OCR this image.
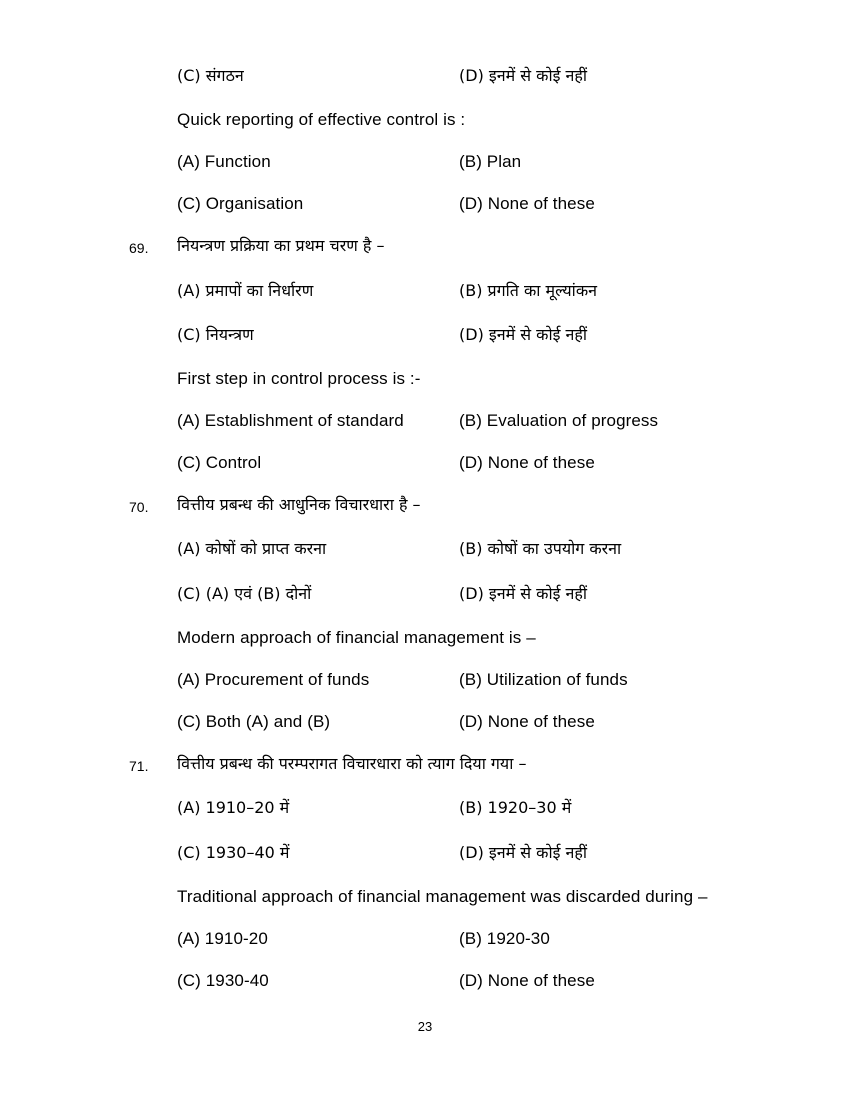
(C) संगठन	(D) इनमें से कोई नहीं
Quick reporting of effective control is :
(A) Function	(B) Plan
(C) Organisation	(D) None of these
69. नियन्त्रण प्रक्रिया का प्रथम चरण है –
(A) प्रमापों का निर्धारण	(B) प्रगति का मूल्यांकन
(C) नियन्त्रण	(D) इनमें से कोई नहीं
First step in control process is :-
(A) Establishment of standard	(B) Evaluation of progress
(C) Control	(D) None of these
70. वित्तीय प्रबन्ध की आधुनिक विचारधारा है –
(A) कोषों को प्राप्त करना	(B) कोषों का उपयोग करना
(C) (A) एवं (B) दोनों	(D) इनमें से कोई नहीं
Modern approach of financial management is –
(A) Procurement of funds	(B) Utilization of funds
(C) Both (A) and (B)	(D) None of these
71. वित्तीय प्रबन्ध की परम्परागत विचारधारा को त्याग दिया गया –
(A) 1910–20 में	(B) 1920–30 में
(C) 1930–40 में	(D) इनमें से कोई नहीं
Traditional approach of financial management was discarded during –
(A) 1910-20	(B) 1920-30
(C) 1930-40	(D) None of these
23
